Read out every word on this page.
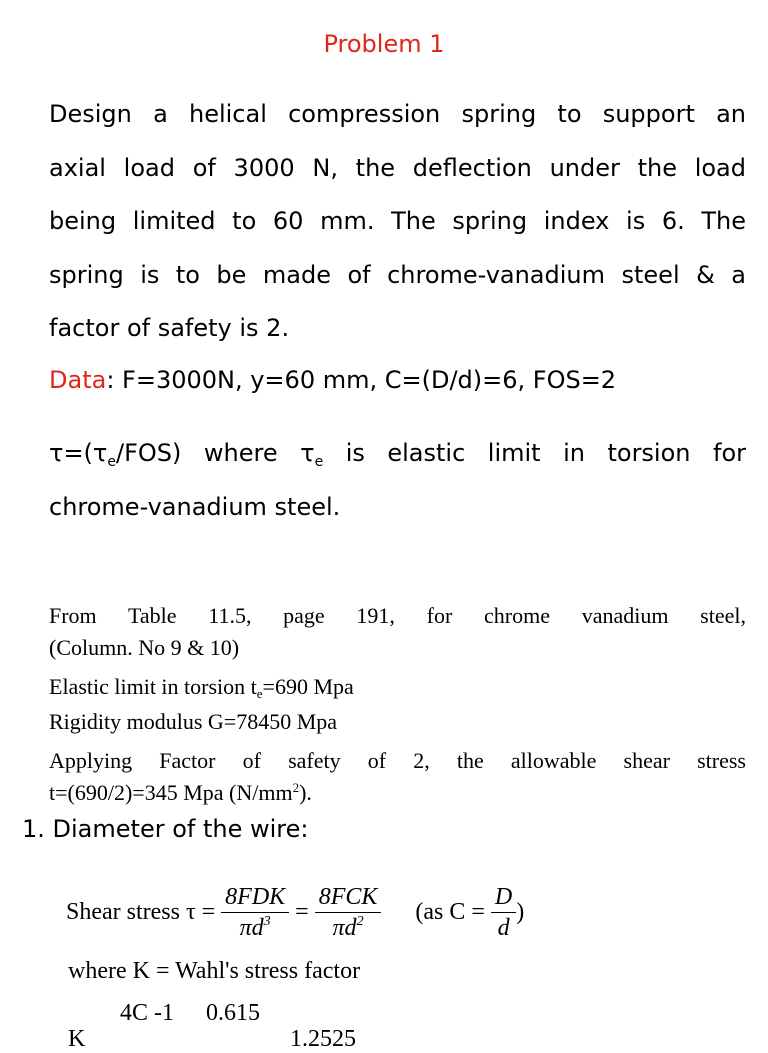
Problem 1
Design a helical compression spring to support an
axial load of 3000 N, the deflection under the load
being limited to 60 mm. The spring index is 6. The
spring is to be made of chrome-vanadium steel & a
factor of safety is 2.
Data: F=3000N, y=60 mm, C=(D/d)=6, FOS=2
$\tau=(\tau_e/FOS)$ where $\tau_e$ is elastic limit in torsion for
chrome-vanadium steel.
From Table 11.5, page 191, for chrome vanadium steel,
(Column. No 9 & 10)
Elastic limit in torsion $t_e=690$ Mpa
Rigidity modulus G=78450 Mpa
Applying Factor of safety of 2, the allowable shear stress
t=(690/2)=345 Mpa $(N/mm^2)$.
1. Diameter of the wire:
Shear stress $\tau = \frac{\text{8FDK}}{\pi d^3} = \frac{\text{8FCK}}{\pi d^2} (as$ $C = \frac{D}{d}$ )
where K = Wahl's stress factor
K
4C -1 0.615
1.2525
